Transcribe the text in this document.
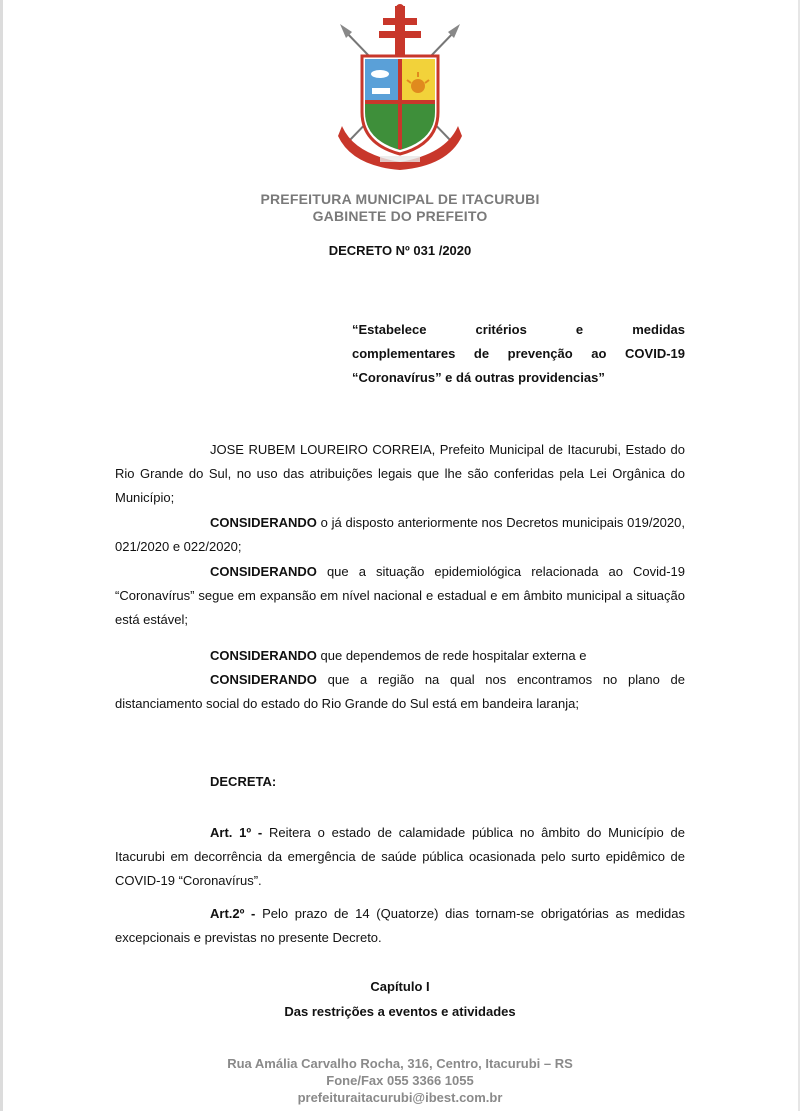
PREFEITURA MUNICIPAL DE ITACURUBI
GABINETE DO PREFEITO
DECRETO Nº 031 /2020
“Estabelece critérios e medidas
complementares de prevenção ao COVID-19
“Coronavírus” e dá outras providencias”

JOSE RUBEM LOUREIRO CORREIA, Prefeito Municipal de Itacurubi, Estado do Rio Grande do Sul, no uso das atribuições legais que lhe são conferidas pela Lei Orgânica do Município;

CONSIDERANDO o já disposto anteriormente nos Decretos municipais 019/2020, 021/2020 e 022/2020;

CONSIDERANDO que a situação epidemiológica relacionada ao Covid-19 “Coronavírus” segue em expansão em nível nacional e estadual e em âmbito municipal a situação está estável;

CONSIDERANDO que dependemos de rede hospitalar externa e

CONSIDERANDO que a região na qual nos encontramos no plano de distanciamento social do estado do Rio Grande do Sul está em bandeira laranja;

DECRETA:

Art. 1º - Reitera o estado de calamidade pública no âmbito do Município de Itacurubi em decorrência da emergência de saúde pública ocasionada pelo surto epidêmico de COVID-19 “Coronavírus”.

Art.2º - Pelo prazo de 14 (Quatorze) dias tornam-se obrigatórias as medidas excepcionais e previstas no presente Decreto.

Capítulo I
Das restrições a eventos e atividades
Rua Amália Carvalho Rocha, 316, Centro, Itacurubi – RS
Fone/Fax 055 3366 1055
prefeituraitacurubi@ibest.com.br
